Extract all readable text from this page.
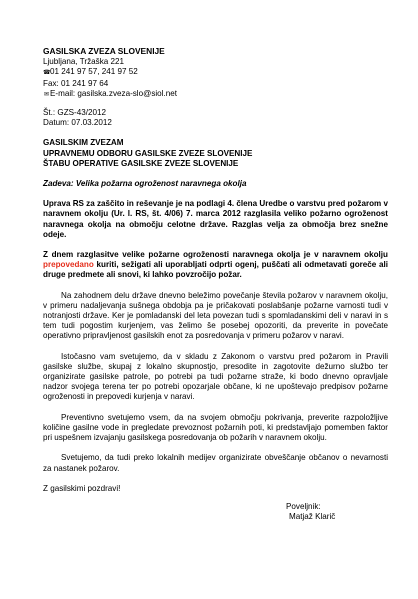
GASILSKA ZVEZA SLOVENIJE
Ljubljana, Tržaška 221
☎01 241 97 57, 241 97 52
Fax: 01 241 97 64
✉E-mail: gasilska.zveza-slo@siol.net
Št.: GZS-43/2012
Datum: 07.03.2012
GASILSKIM ZVEZAM
UPRAVNEMU ODBORU GASILSKE ZVEZE SLOVENIJE
ŠTABU OPERATIVE GASILSKE ZVEZE SLOVENIJE
Zadeva: Velika požarna ogroženost naravnega okolja
Uprava RS za zaščito in reševanje je na podlagi 4. člena Uredbe o varstvu pred požarom v naravnem okolju (Ur. l. RS, št. 4/06) 7. marca 2012 razglasila veliko požarno ogroženost naravnega okolja na območju celotne države. Razglas velja za območja brez snežne odeje.
Z dnem razglasitve velike požarne ogroženosti naravnega okolja je v naravnem okolju prepovedano kuriti, sežigati ali uporabljati odprti ogenj, puščati ali odmetavati goreče ali druge predmete ali snovi, ki lahko povzročijo požar.
Na zahodnem delu države dnevno beležimo povečanje števila požarov v naravnem okolju, v primeru nadaljevanja sušnega obdobja pa je pričakovati poslabšanje požarne varnosti tudi v notranjosti države. Ker je pomladanski del leta povezan tudi s spomladanskimi deli v naravi in s tem tudi pogostim kurjenjem, vas želimo še posebej opozoriti, da preverite in povečate operativno pripravljenost gasilskih enot za posredovanja v primeru požarov v naravi.
Istočasno vam svetujemo, da v skladu z Zakonom o varstvu pred požarom in Pravili gasilske službe, skupaj z lokalno skupnostjo, presodite in zagotovite dežurno službo ter organizirate gasilske patrole, po potrebi pa tudi požarne straže, ki bodo dnevno opravljale nadzor svojega terena ter po potrebi opozarjale občane, ki ne upoštevajo predpisov požarne ogroženosti in prepovedi kurjenja v naravi.
Preventivno svetujemo vsem, da na svojem območju pokrivanja, preverite razpoložljive količine gasilne vode in pregledate prevoznost požarnih poti, ki predstavljajo pomemben faktor pri uspešnem izvajanju gasilskega posredovanja ob požarih v naravnem okolju.
Svetujemo, da tudi preko lokalnih medijev organizirate obveščanje občanov o nevarnosti za nastanek požarov.
Z gasilskimi pozdravi!
Poveljnik:
Matjaž Klarič
